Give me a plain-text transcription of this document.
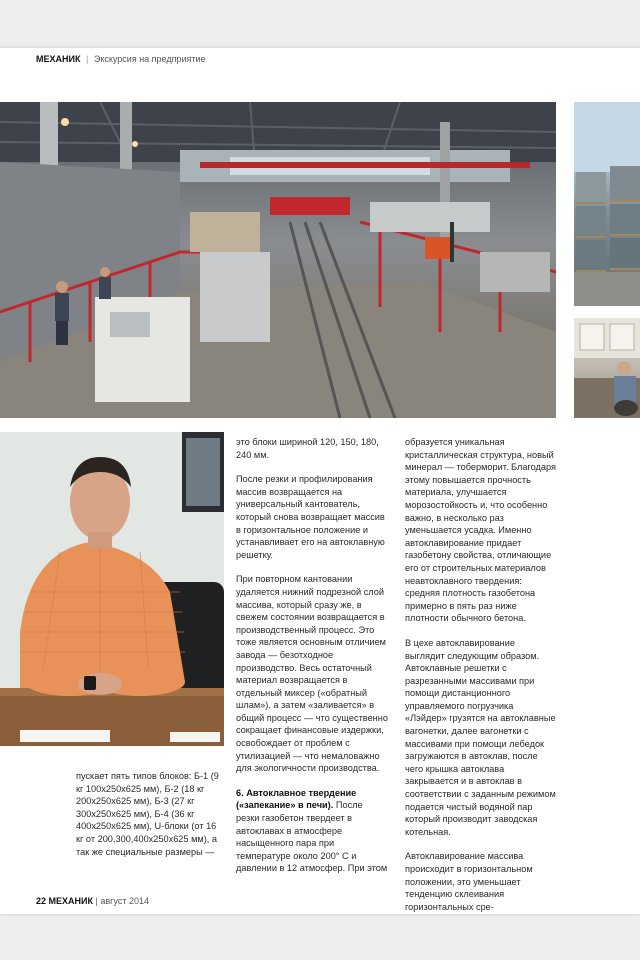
МЕХАНИК | Экскурсия на предприятие

это блоки шириной 120, 150, 180, 240 мм.

После резки и профилирования массив возвращается на универсальный кантователь, который снова возвращает массив в горизонтальное положение и устанавливает его на автоклавную решетку.

При повторном кантовании удаляется нижний подрезной слой массива, который сразу же, в свежем состоянии возвращается в производственный процесс. Это тоже является основным отличием завода — безотходное производство. Весь остаточный материал возвращается в отдельный миксер («обратный шлам»), а затем «заливается» в общий процесс — что существенно сокращает финансовые издержки, освобождает от проблем с утилизацией — что немаловажно для экологичности производства.

6. Автоклавное твердение («запекание» в печи). После резки газобетон твердеет в автоклавах в атмосфере насыщенного пара при температуре около 200° С и давлении в 12 атмосфер. При этом

образуется уникальная кристаллическая структура, новый минерал — тоберморит. Благодаря этому повышается прочность материала, улучшается морозостойкость и, что особенно важно, в несколько раз уменьшается усадка. Именно автоклавирование придает газобетону свойства, отличающие его от строительных материалов неавтоклавного твердения: средняя плотность газобетона примерно в пять раз ниже плотности обычного бетона.

В цехе автоклавирование выглядит следующим образом. Автоклавные решетки с разрезанными массивами при помощи дистанционного управляемого погрузчика «Лэйдер» грузятся на автоклавные вагонетки, далее вагонетки с массивами при помощи лебедок загружаются в автоклав, после чего крышка автоклава закрывается и в автоклав в соответствии с заданным режимом подается чистый водяной пар который производит заводская котельная.

Автоклавирование массива происходит в горизонтальном положении, это уменьшает тенденцию склеивания горизонтальных сре-

пускает пять типов блоков: Б-1 (9 кг 100х250х625 мм), Б-2 (18 кг 200х250х625 мм), Б-3 (27 кг 300х250х625 мм), Б-4 (36 кг 400х250х625 мм), U-блоки (от 16 кг от 200,300,400х250х625 мм), а так же специальные размеры —

22 МЕХАНИК | август 2014
